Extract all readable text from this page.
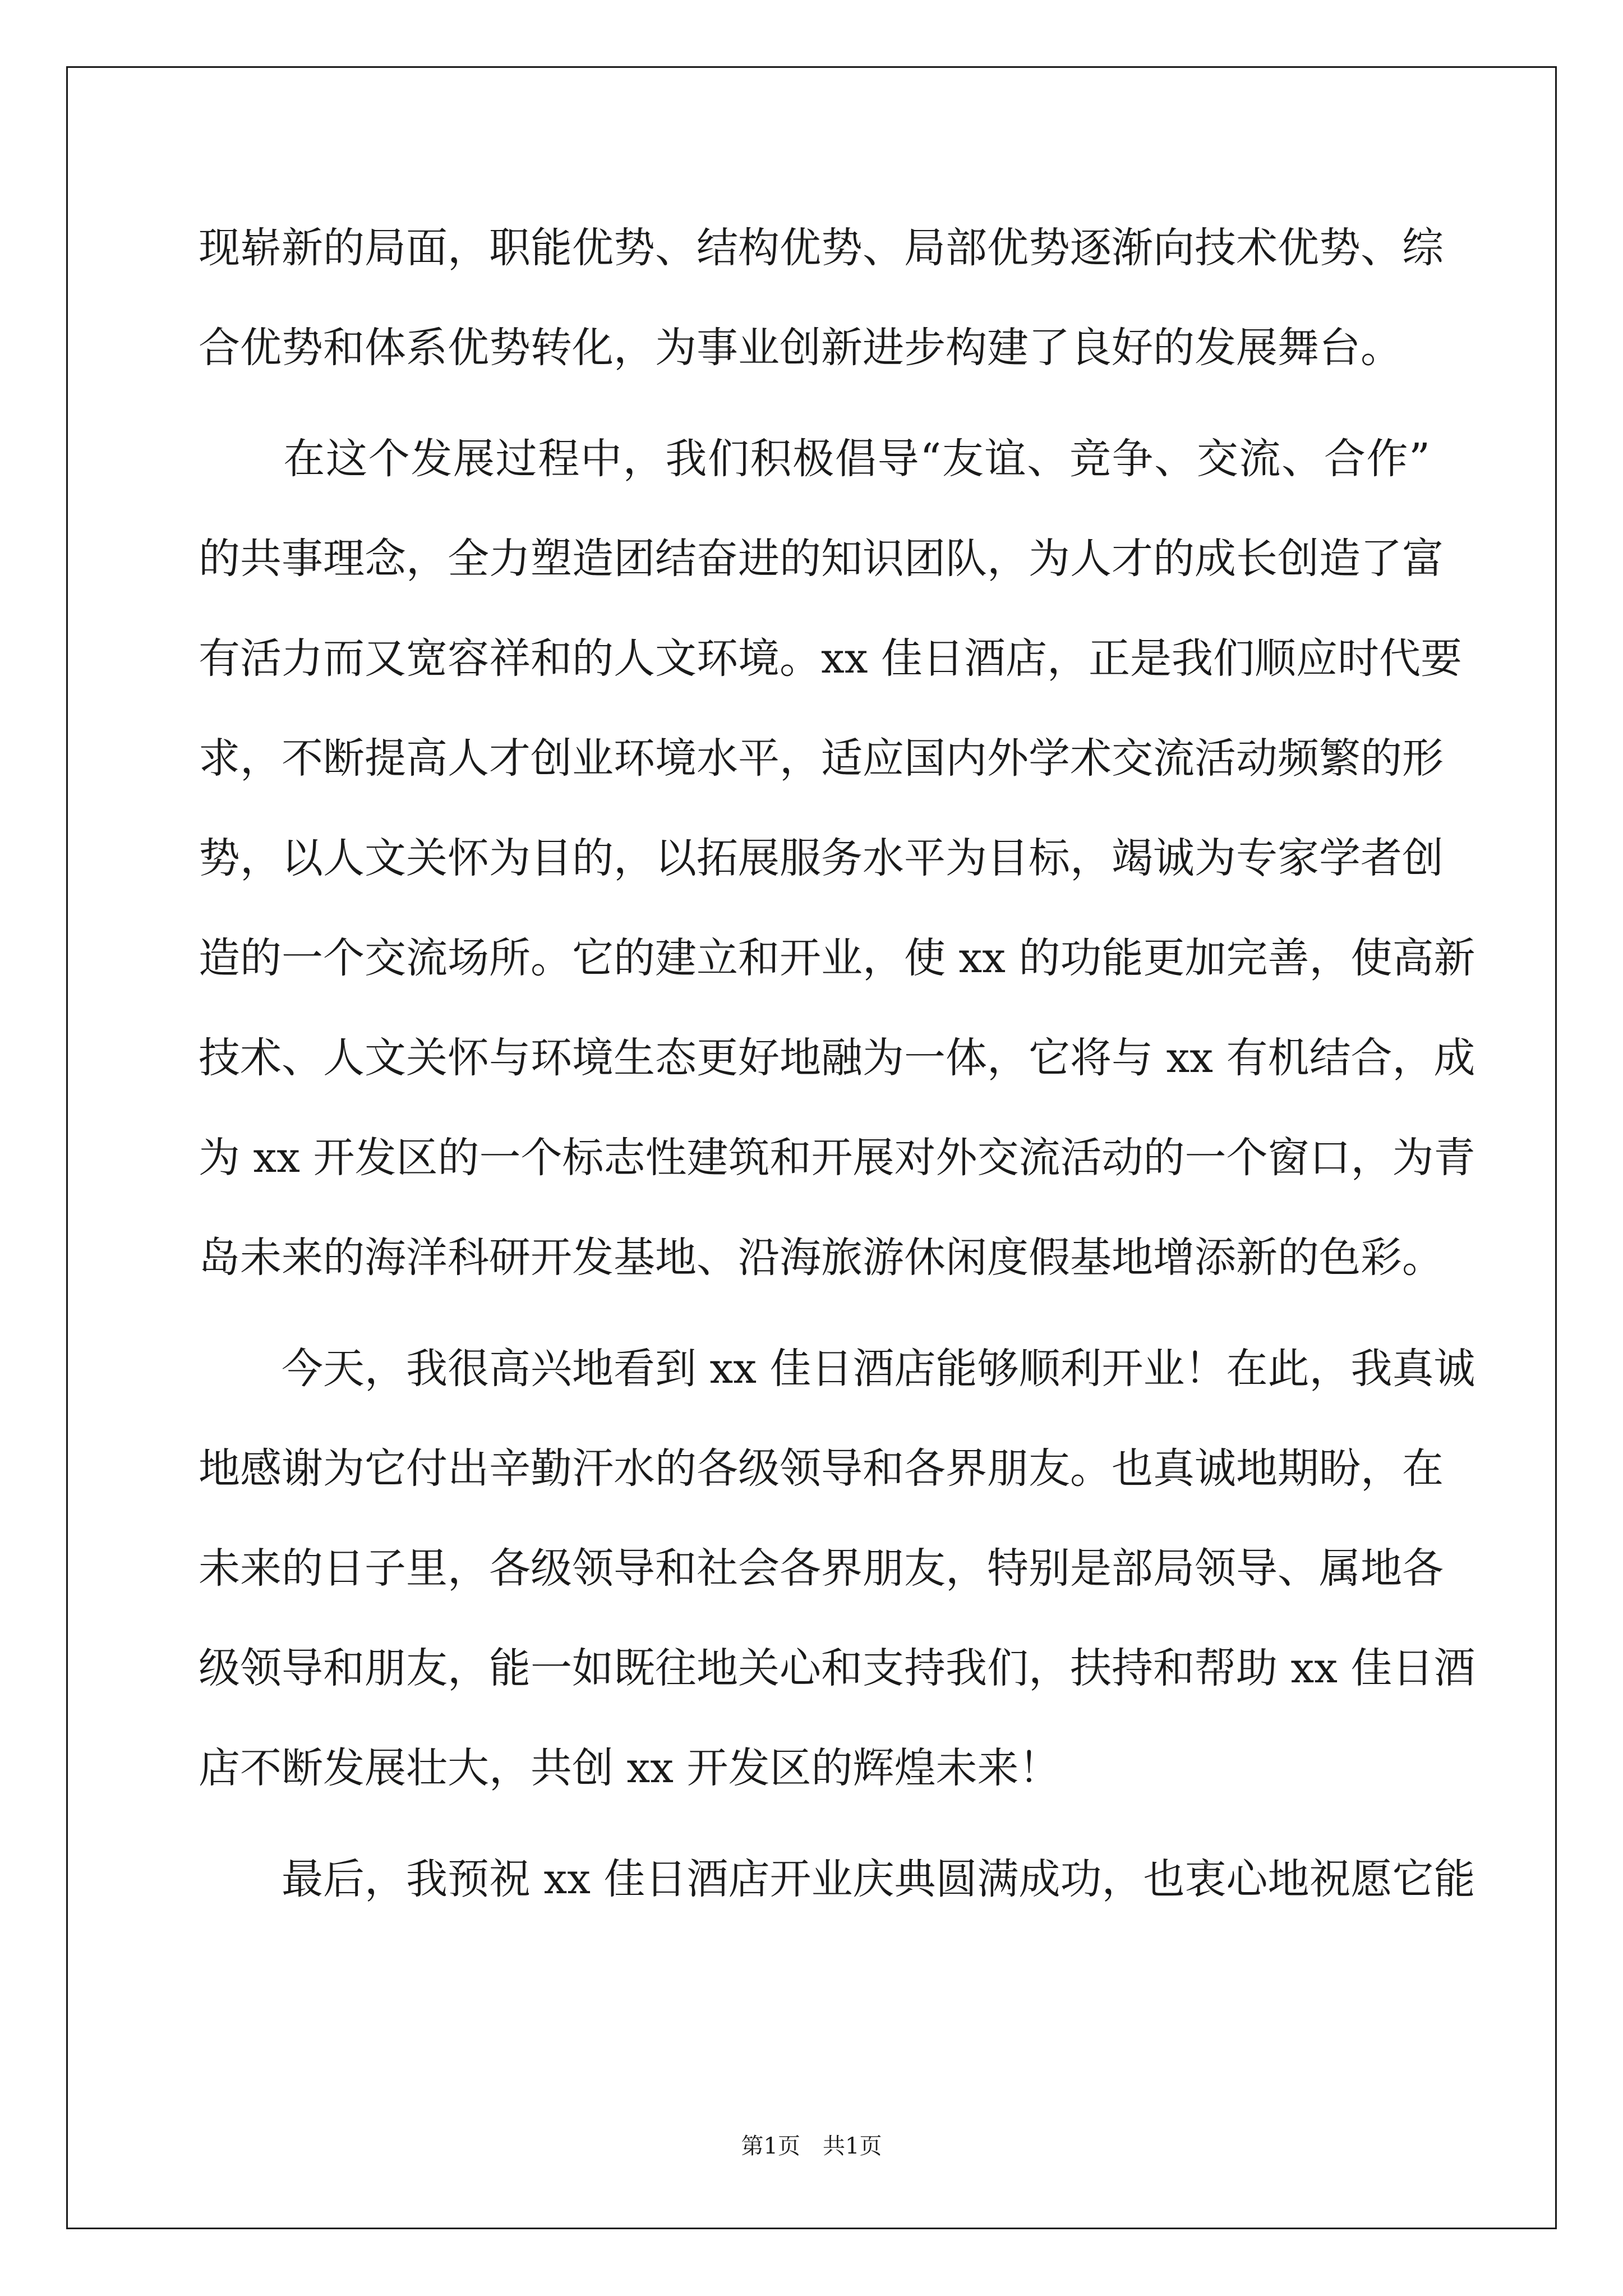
现崭新的局面，职能优势、结构优势、局部优势逐渐向技术优势、综
合优势和体系优势转化，为事业创新进步构建了良好的发展舞台。
　　在这个发展过程中，我们积极倡导“友谊、竞争、交流、合作”
的共事理念，全力塑造团结奋进的知识团队，为人才的成长创造了富
有活力而又宽容祥和的人文环境。xx 佳日酒店，正是我们顺应时代要
求，不断提高人才创业环境水平，适应国内外学术交流活动频繁的形
势，以人文关怀为目的，以拓展服务水平为目标，竭诚为专家学者创
造的一个交流场所。它的建立和开业，使 xx 的功能更加完善，使高新
技术、人文关怀与环境生态更好地融为一体，它将与 xx 有机结合，成
为 xx 开发区的一个标志性建筑和开展对外交流活动的一个窗口，为青
岛未来的海洋科研开发基地、沿海旅游休闲度假基地增添新的色彩。
　　今天，我很高兴地看到 xx 佳日酒店能够顺利开业！在此，我真诚
地感谢为它付出辛勤汗水的各级领导和各界朋友。也真诚地期盼，在
未来的日子里，各级领导和社会各界朋友，特别是部局领导、属地各
级领导和朋友，能一如既往地关心和支持我们，扶持和帮助 xx 佳日酒
店不断发展壮大，共创 xx 开发区的辉煌未来！
　　最后，我预祝 xx 佳日酒店开业庆典圆满成功，也衷心地祝愿它能
第1页　共1页
